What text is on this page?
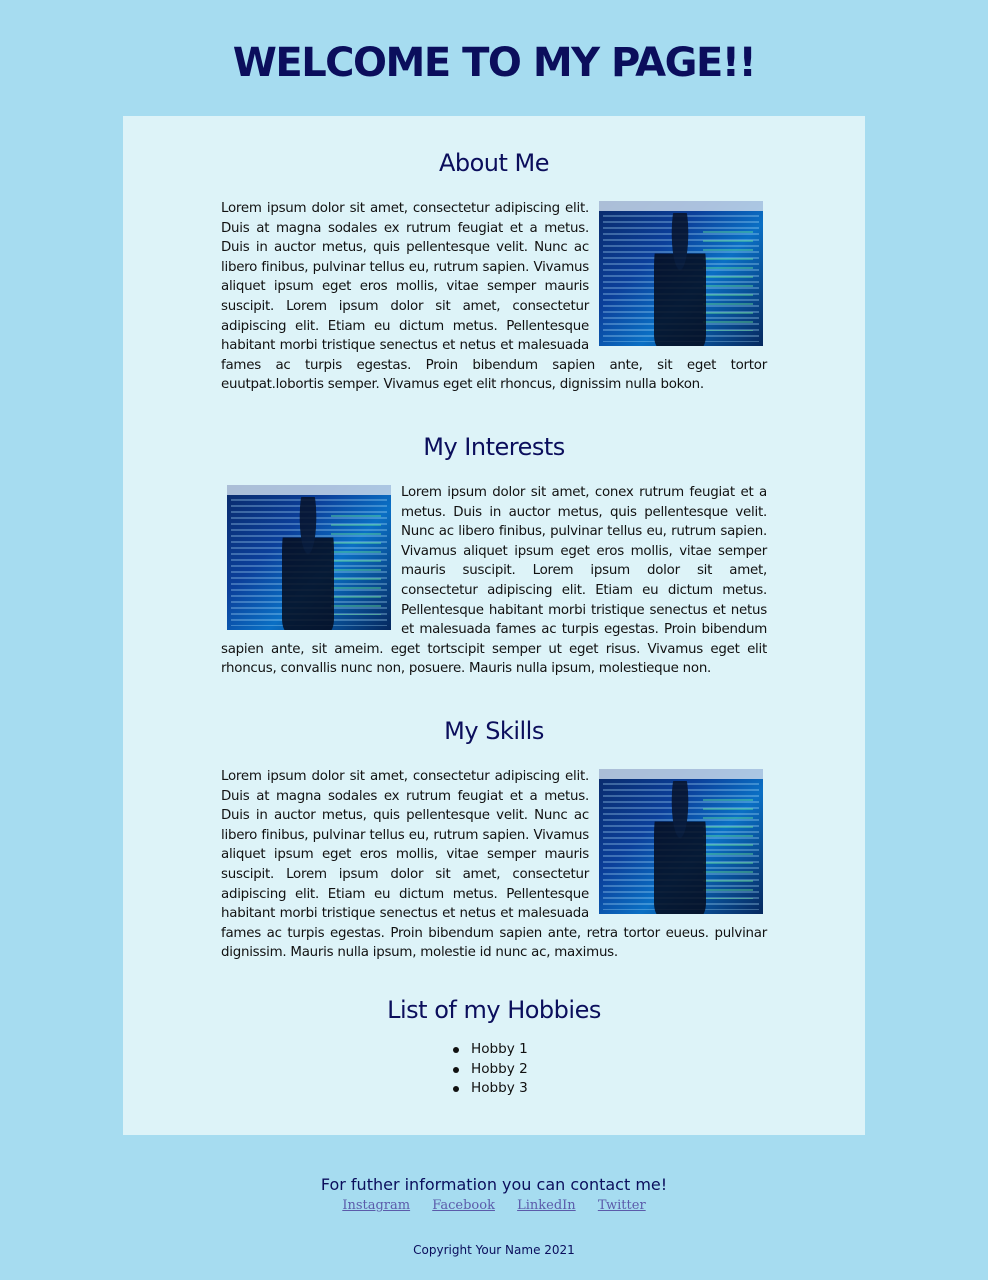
WELCOME TO MY PAGE!!
About Me

Lorem ipsum dolor sit amet, consectetur adipiscing elit. Duis at magna sodales ex rutrum feugiat et a metus. Duis in auctor metus, quis pellentesque velit. Nunc ac libero finibus, pulvinar tellus eu, rutrum sapien. Vivamus aliquet ipsum eget eros mollis, vitae semper mauris suscipit. Lorem ipsum dolor sit amet, consectetur adipiscing elit. Etiam eu dictum metus. Pellentesque habitant morbi tristique senectus et netus et malesuada fames ac turpis egestas. Proin bibendum sapien ante, sit eget tortor euutpat.lobortis semper. Vivamus eget elit rhoncus, dignissim nulla bokon.

My Interests

Lorem ipsum dolor sit amet, conex rutrum feugiat et a metus. Duis in auctor metus, quis pellentesque velit. Nunc ac libero finibus, pulvinar tellus eu, rutrum sapien. Vivamus aliquet ipsum eget eros mollis, vitae semper mauris suscipit. Lorem ipsum dolor sit amet, consectetur adipiscing elit. Etiam eu dictum metus. Pellentesque habitant morbi tristique senectus et netus et malesuada fames ac turpis egestas. Proin bibendum sapien ante, sit ameim. eget tortscipit semper ut eget risus. Vivamus eget elit rhoncus, convallis nunc non, posuere. Mauris nulla ipsum, molestieque non.

My Skills

Lorem ipsum dolor sit amet, consectetur adipiscing elit. Duis at magna sodales ex rutrum feugiat et a metus. Duis in auctor metus, quis pellentesque velit. Nunc ac libero finibus, pulvinar tellus eu, rutrum sapien. Vivamus aliquet ipsum eget eros mollis, vitae semper mauris suscipit. Lorem ipsum dolor sit amet, consectetur adipiscing elit. Etiam eu dictum metus. Pellentesque habitant morbi tristique senectus et netus et malesuada fames ac turpis egestas. Proin bibendum sapien ante, retra tortor eueus. pulvinar dignissim. Mauris nulla ipsum, molestie id nunc ac, maximus.

List of my Hobbies
Hobby 1
Hobby 2
Hobby 3

For futher information you can contact me!

Instagram Facebook LinkedIn Twitter
Copyright Your Name 2021
